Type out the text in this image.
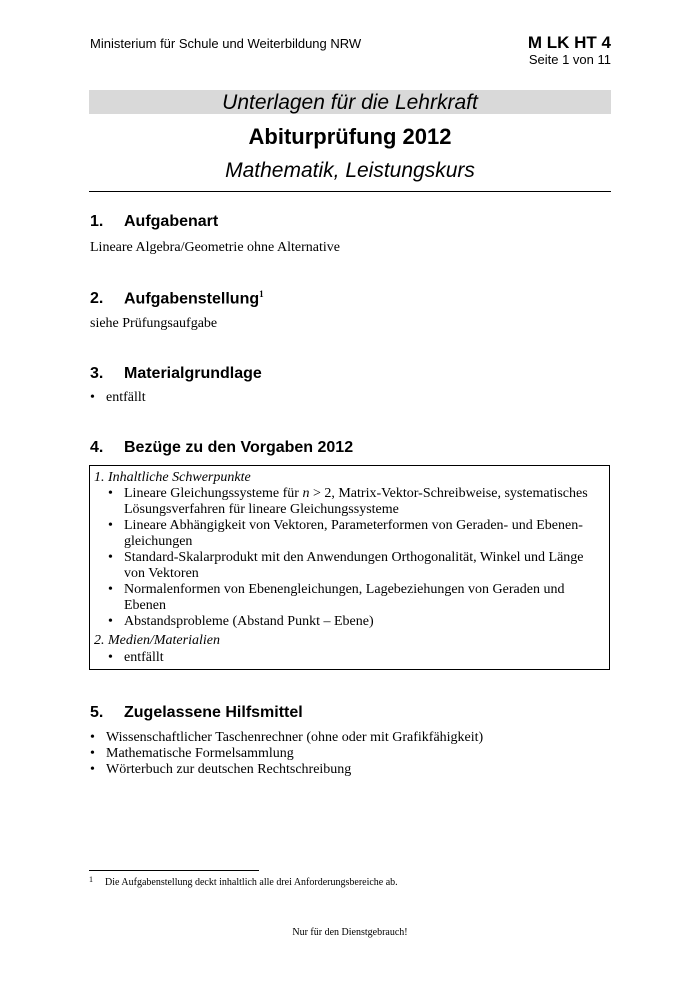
Ministerium für Schule und Weiterbildung NRW	M LK HT 4
Seite 1 von 11
Unterlagen für die Lehrkraft
Abiturprüfung 2012
Mathematik, Leistungskurs
1. Aufgabenart
Lineare Algebra/Geometrie ohne Alternative
2. Aufgabenstellung$^1$
siehe Prüfungsaufgabe
3. Materialgrundlage
• entfällt
4. Bezüge zu den Vorgaben 2012
1. Inhaltliche Schwerpunkte
• Lineare Gleichungssysteme für n > 2, Matrix-Vektor-Schreibweise, systematisches Lösungsverfahren für lineare Gleichungssysteme
• Lineare Abhängigkeit von Vektoren, Parameterformen von Geraden- und Ebenen-gleichungen
• Standard-Skalarprodukt mit den Anwendungen Orthogonalität, Winkel und Länge von Vektoren
• Normalenformen von Ebenengleichungen, Lagebeziehungen von Geraden und Ebenen
• Abstandsprobleme (Abstand Punkt – Ebene)
2. Medien/Materialien
• entfällt
5. Zugelassene Hilfsmittel
• Wissenschaftlicher Taschenrechner (ohne oder mit Grafikfähigkeit)
• Mathematische Formelsammlung
• Wörterbuch zur deutschen Rechtschreibung
$^1$ Die Aufgabenstellung deckt inhaltlich alle drei Anforderungsbereiche ab.
Nur für den Dienstgebrauch!
